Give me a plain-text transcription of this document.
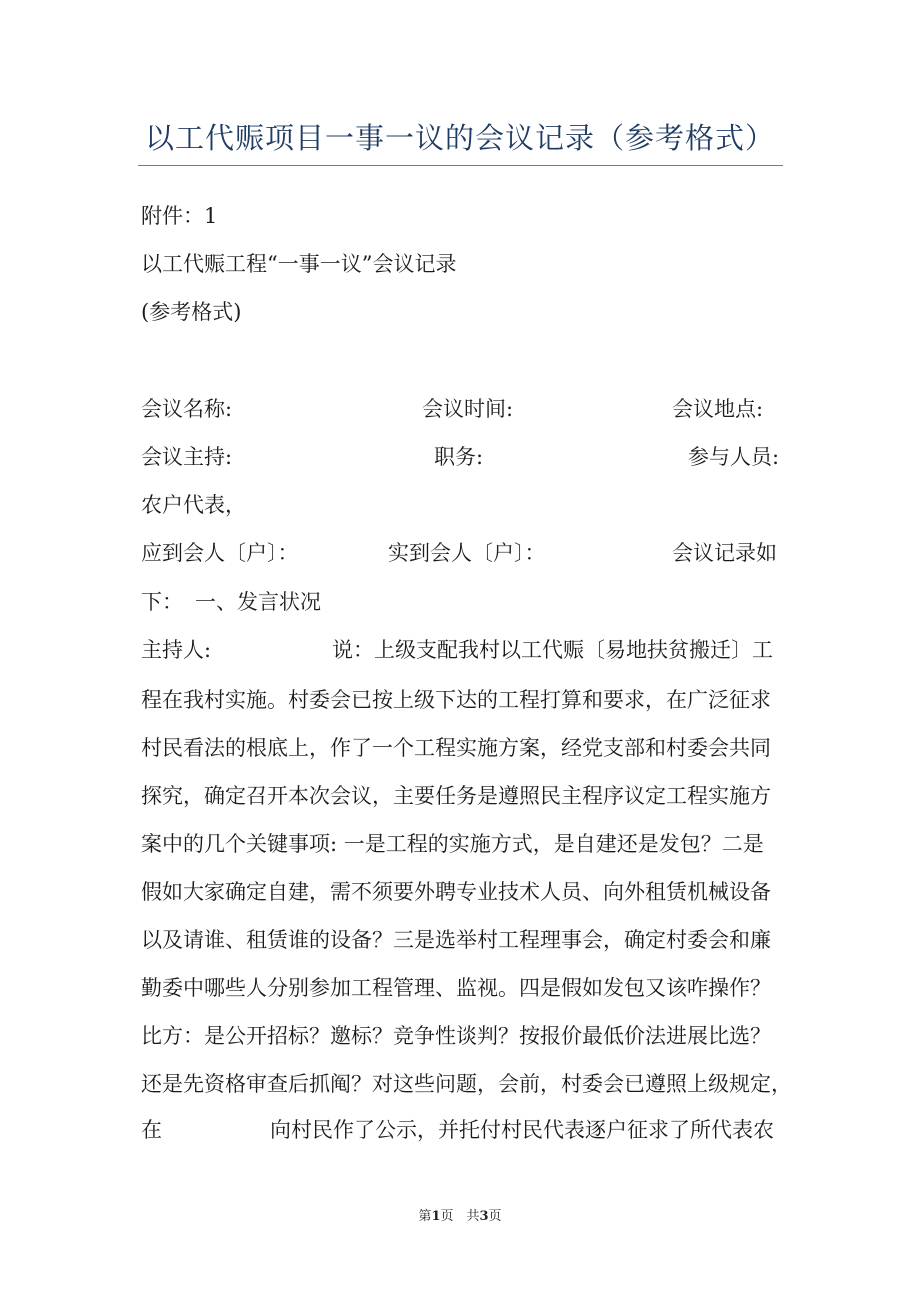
以工代赈项目一事一议的会议记录（参考格式）
附件：1
以工代赈工程“一事一议”会议记录
(参考格式)
会议名称:	会议时间:	会议地点:
会议主持:	职务:	参与人员:
农户代表，
应到会人〔户〕：	实到会人〔户〕：	会议记录如
下： 一、发言状况
主持人:	说：上级支配我村以工代赈〔易地扶贫搬迁〕工
程在我村实施。村委会已按上级下达的工程打算和要求，在广泛征求
村民看法的根底上，作了一个工程实施方案，经党支部和村委会共同
探究，确定召开本次会议，主要任务是遵照民主程序议定工程实施方
案中的几个关键事项: 一是工程的实施方式，是自建还是发包？二是
假如大家确定自建，需不须要外聘专业技术人员、向外租赁机械设备
以及请谁、租赁谁的设备？三是选举村工程理事会，确定村委会和廉
勤委中哪些人分别参加工程管理、监视。四是假如发包又该咋操作？
比方：是公开招标？邀标？竞争性谈判？按报价最低价法进展比选？
还是先资格审查后抓阄？对这些问题，会前，村委会已遵照上级规定，
在	向村民作了公示，并托付村民代表逐户征求了所代表农
第1页　共3页
